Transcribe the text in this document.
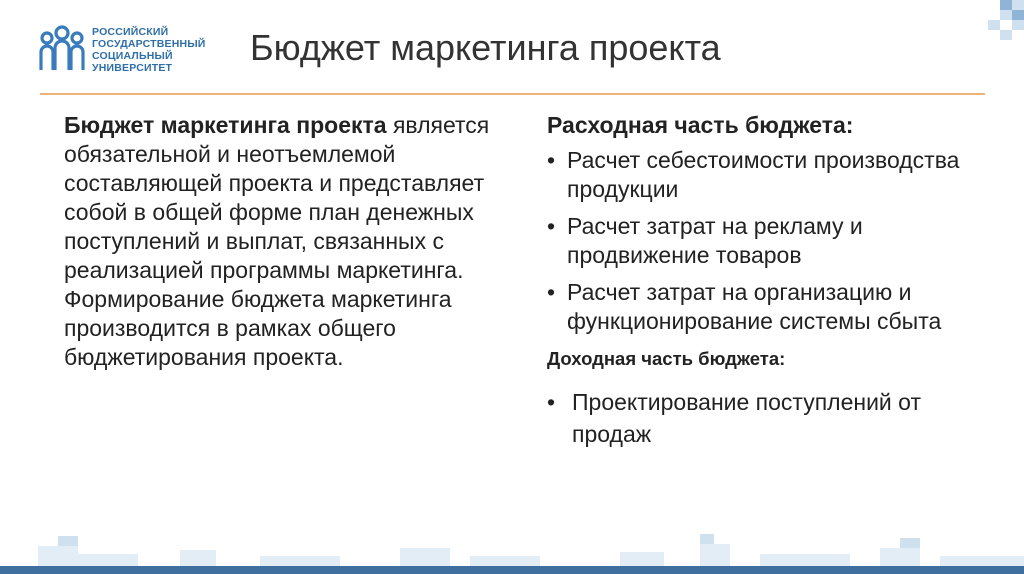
РОССИЙСКИЙ
ГОСУДАРСТВЕННЫЙ
СОЦИАЛЬНЫЙ
УНИВЕРСИТЕТ	Бюджет маркетинга проекта
Бюджет маркетинга проекта является обязательной и неотъемлемой составляющей проекта и представляет собой в общей форме план денежных поступлений и выплат, связанных с реализацией программы маркетинга. Формирование бюджета маркетинга производится в рамках общего бюджетирования проекта.
Расходная часть бюджета:
• Расчет себестоимости производства продукции
• Расчет затрат на рекламу и продвижение товаров
• Расчет затрат на организацию и функционирование системы сбыта
Доходная часть бюджета:
• Проектирование поступлений от продаж
